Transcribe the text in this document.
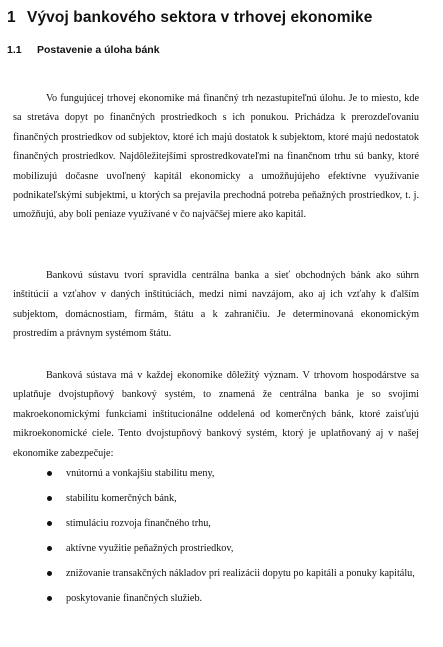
1 Vývoj bankového sektora v trhovej ekonomike
1.1 Postavenie a úloha bánk

Vo fungujúcej trhovej ekonomike má finančný trh nezastupiteľnú úlohu. Je to miesto, kde sa stretáva dopyt po finančných prostriedkoch s ich ponukou. Prichádza k prerozdeľovaniu finančných prostriedkov od subjektov, ktoré ich majú dostatok k subjektom, ktoré majú nedostatok finančných prostriedkov. Najdôležitejšími sprostredkovateľmi na finančnom trhu sú banky, ktoré mobilizujú dočasne uvoľnený kapitál ekonomicky a umožňujújeho efektívne využívanie podnikateľskými subjektmi, u ktorých sa prejavila prechodná potreba peňažných prostriedkov, t. j. umožňujú, aby boli peniaze využívané v čo najväčšej miere ako kapitál.

Bankovú sústavu tvorí spravidla centrálna banka a sieť obchodných bánk ako súhrn inštitúcií a vzťahov v daných inštitúciách, medzi nimi navzájom, ako aj ich vzťahy k ďalším subjektom, domácnostiam, firmám, štátu a k zahraničiu. Je determinovaná ekonomickým prostredím a právnym systémom štátu.

Banková sústava má v každej ekonomike dôležitý význam. V trhovom hospodárstve sa uplatňuje dvojstupňový bankový systém, to znamená že centrálna banka je so svojimi makroekonomickými funkciami inštitucionálne oddelená od komerčných bánk, ktoré zaisťujú mikroekonomické ciele. Tento dvojstupňový bankový systém, ktorý je uplatňovaný aj v našej ekonomike zabezpečuje:

vnútornú a vonkajšiu stabilitu meny,
stabilitu komerčných bánk,
stimuláciu rozvoja finančného trhu,
aktívne využitie peňažných prostriedkov,
znižovanie transakčných nákladov pri realizácii dopytu po kapitáli a ponuky kapitálu,
poskytovanie finančných služieb.
